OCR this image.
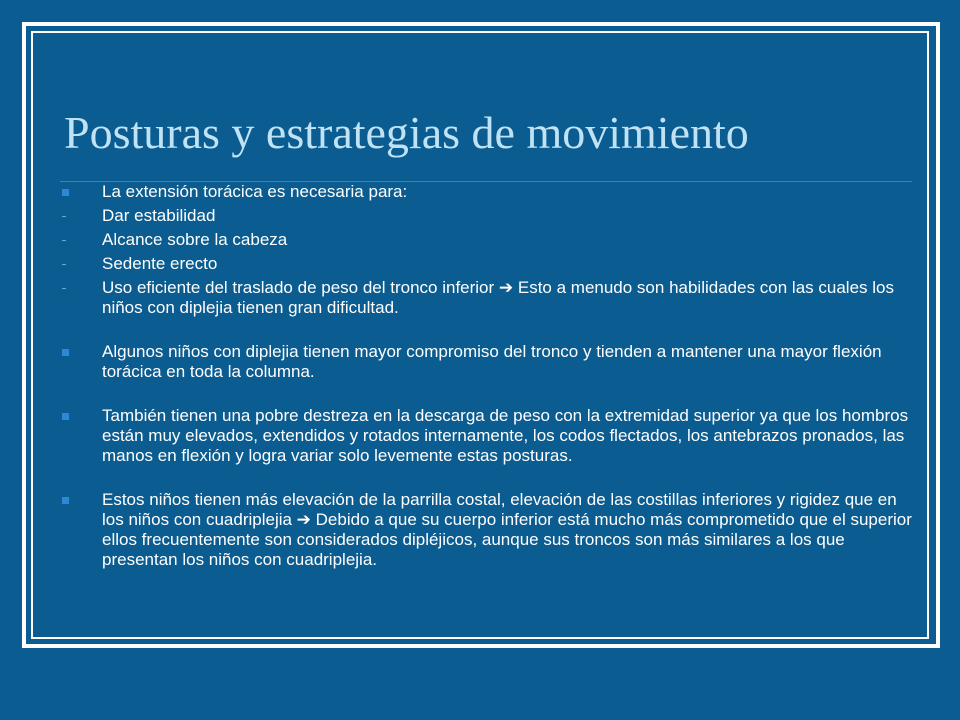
Posturas y estrategias de movimiento
La extensión torácica es necesaria para:
Dar estabilidad
Alcance sobre la cabeza
Sedente erecto
Uso eficiente del traslado de peso del tronco inferior ➔ Esto a menudo son habilidades con las cuales los niños con diplejia tienen gran dificultad.
Algunos niños con diplejia tienen mayor compromiso del tronco y tienden a mantener una mayor flexión torácica en toda la columna.
También tienen una pobre destreza en la descarga de peso con la extremidad superior ya que los hombros están muy elevados, extendidos y rotados internamente, los codos flectados, los antebrazos pronados, las manos en flexión y logra variar solo levemente estas posturas.
Estos niños tienen más elevación de la parrilla costal, elevación de las costillas inferiores y rigidez que en los niños con cuadriplejia ➔ Debido a que su cuerpo inferior está mucho más comprometido que el superior ellos frecuentemente son considerados dipléjicos, aunque sus troncos son más similares a los que presentan los niños con cuadriplejia.
